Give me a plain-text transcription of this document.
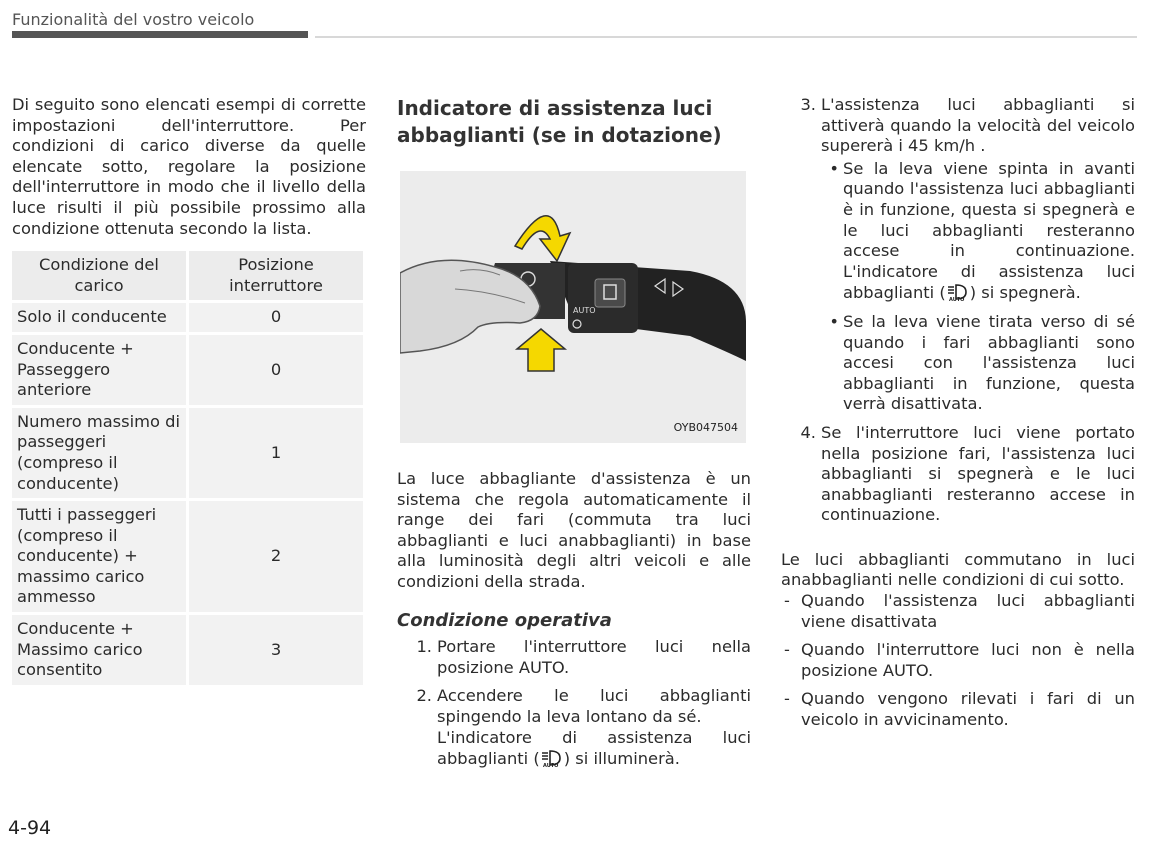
Funzionalità del vostro veicolo
Di seguito sono elencati esempi di corrette impostazioni dell'interruttore. Per condizioni di carico diverse da quelle elencate sotto, regolare la posizione dell'interruttore in modo che il livello della luce risulti il più possibile prossimo alla condizione ottenuta secondo la lista.
Condizione del carico	Posizione interruttore
Solo il conducente	0
Conducente + Passeggero anteriore	0
Numero massimo di passeggeri (compreso il conducente)	1
Tutti i passeggeri (compreso il conducente) + massimo carico ammesso	2
Conducente + Massimo carico consentito	3
Indicatore di assistenza luci abbaglianti (se in dotazione)
AUTO
OYB047504
La luce abbagliante d'assistenza è un sistema che regola automaticamente il range dei fari (commuta tra luci abbaglianti e luci anabbaglianti) in base alla luminosità degli altri veicoli e alle condizioni della strada.
Condizione operativa
1. Portare l'interruttore luci nella posizione AUTO.
2. Accendere le luci abbaglianti spingendo la leva lontano da sé.
L'indicatore di assistenza luci abbaglianti ( AUTO ) si illuminerà.
3. L'assistenza luci abbaglianti si attiverà quando la velocità del veicolo supererà i 45 km/h .
• Se la leva viene spinta in avanti quando l'assistenza luci abbaglianti è in funzione, questa si spegnerà e le luci abbaglianti resteranno accese in continuazione. L'indicatore di assistenza luci abbaglianti ( AUTO ) si spegnerà.
• Se la leva viene tirata verso di sé quando i fari abbaglianti sono accesi con l'assistenza luci abbaglianti in funzione, questa verrà disattivata.
4. Se l'interruttore luci viene portato nella posizione fari, l'assistenza luci abbaglianti si spegnerà e le luci anabbaglianti resteranno accese in continuazione.
Le luci abbaglianti commutano in luci anabbaglianti nelle condizioni di cui sotto.
- Quando l'assistenza luci abbaglianti viene disattivata
- Quando l'interruttore luci non è nella posizione AUTO.
- Quando vengono rilevati i fari di un veicolo in avvicinamento.
4-94
